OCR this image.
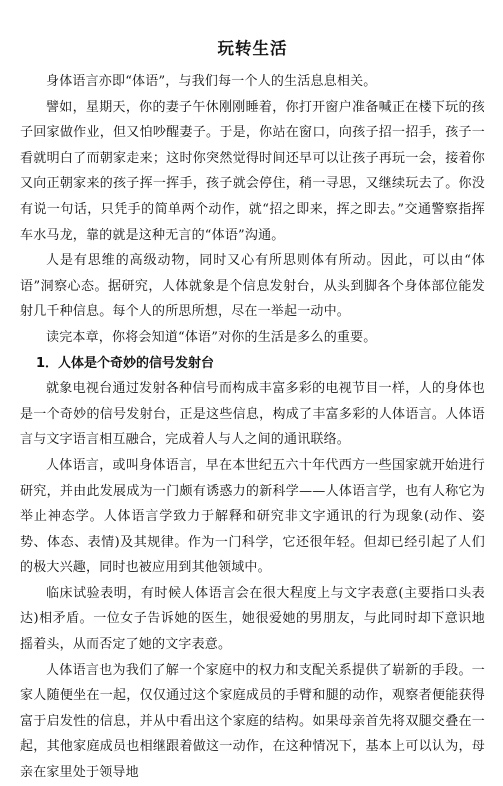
玩转生活

身体语言亦即“体语”，与我们每一个人的生活息息相关。

譬如，星期天，你的妻子午休刚刚睡着，你打开窗户准备喊正在楼下玩的孩子回家做作业，但又怕吵醒妻子。于是，你站在窗口，向孩子招一招手，孩子一看就明白了而朝家走来；这时你突然觉得时间还早可以让孩子再玩一会，接着你又向正朝家来的孩子挥一挥手，孩子就会停住，稍一寻思，又继续玩去了。你没有说一句话，只凭手的简单两个动作，就“招之即来，挥之即去。”交通警察指挥车水马龙，靠的就是这种无言的“体语”沟通。

人是有思维的高级动物，同时又心有所思则体有所动。因此，可以由“体语”洞察心态。据研究，人体就象是个信息发射台，从头到脚各个身体部位能发射几千种信息。每个人的所思所想，尽在一举起一动中。

读完本章，你将会知道“体语”对你的生活是多么的重要。

1．人体是个奇妙的信号发射台

就象电视台通过发射各种信号而构成丰富多彩的电视节目一样，人的身体也是一个奇妙的信号发射台，正是这些信息，构成了丰富多彩的人体语言。人体语言与文字语言相互融合，完成着人与人之间的通讯联络。

人体语言，或叫身体语言，早在本世纪五六十年代西方一些国家就开始进行研究，并由此发展成为一门颇有诱惑力的新科学——人体语言学，也有人称它为举止神态学。人体语言学致力于解释和研究非文字通讯的行为现象(动作、姿势、体态、表情)及其规律。作为一门科学，它还很年轻。但却已经引起了人们的极大兴趣，同时也被应用到其他领域中。

临床试验表明，有时候人体语言会在很大程度上与文字表意(主要指口头表达)相矛盾。一位女子告诉她的医生，她很爱她的男朋友，与此同时却下意识地摇着头，从而否定了她的文字表意。

人体语言也为我们了解一个家庭中的权力和支配关系提供了崭新的手段。一家人随便坐在一起，仅仅通过这个家庭成员的手臂和腿的动作，观察者便能获得富于启发性的信息，并从中看出这个家庭的结构。如果母亲首先将双腿交叠在一起，其他家庭成员也相继跟着做这一动作，在这种情况下，基本上可以认为，母亲在家里处于领导地
